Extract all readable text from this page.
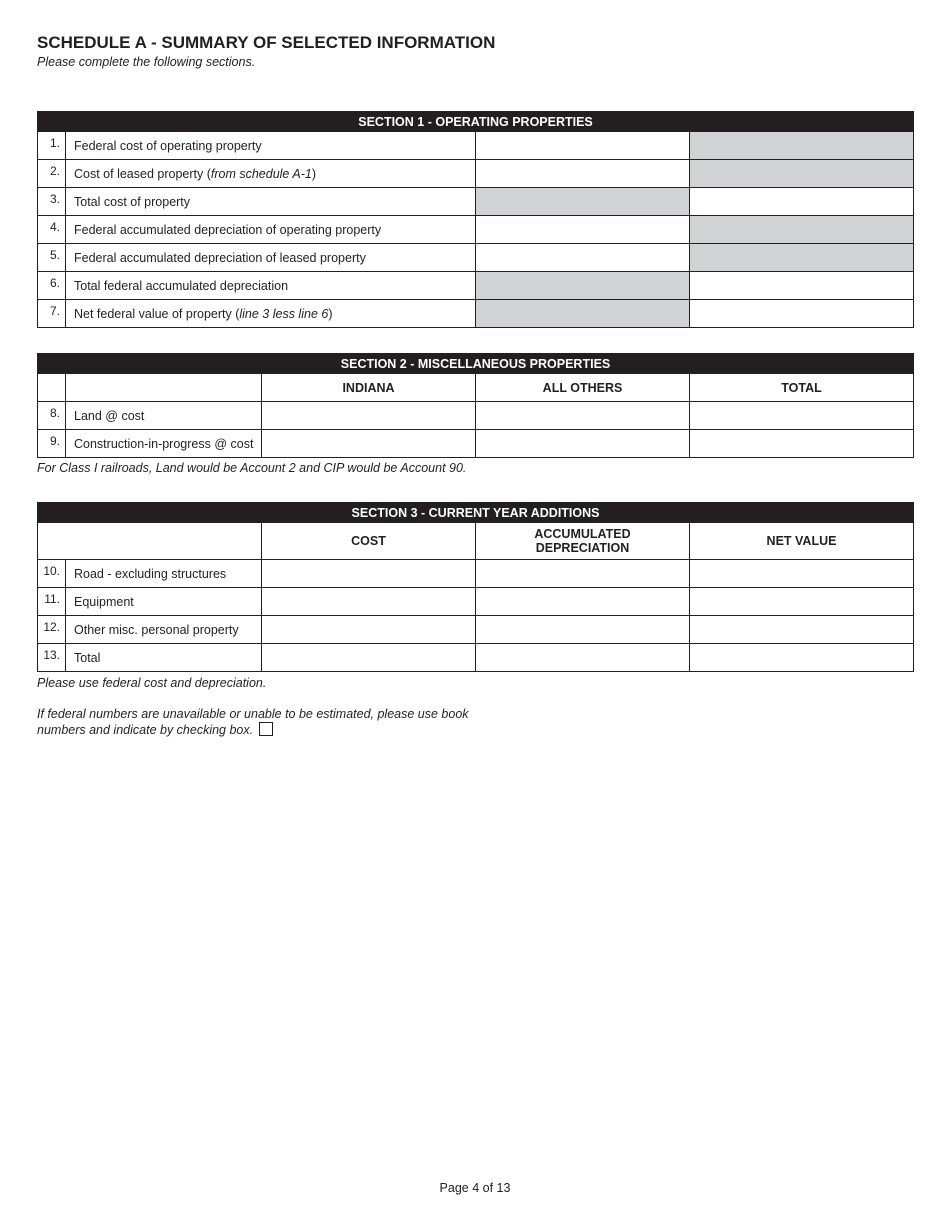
SCHEDULE A - SUMMARY OF SELECTED INFORMATION
Please complete the following sections.
SECTION 1 - OPERATING PROPERTIES			
1.	Federal cost of operating property		
2.	Cost of leased property (from schedule A-1)		
3.	Total cost of property		
4.	Federal accumulated depreciation of operating property		
5.	Federal accumulated depreciation of leased property		
6.	Total federal accumulated depreciation		
7.	Net federal value of property (line 3 less line 6)		
SECTION 2 - MISCELLANEOUS PROPERTIES				
		INDIANA	ALL OTHERS	TOTAL
8.	Land @ cost			
9.	Construction-in-progress @ cost			
For Class I railroads, Land would be Account 2 and CIP would be Account 90.
SECTION 3 - CURRENT YEAR ADDITIONS				
		COST	ACCUMULATED
DEPRECIATION	NET VALUE
10.	Road - excluding structures			
11.	Equipment			
12.	Other misc. personal property			
13.	Total			
Please use federal cost and depreciation.
If federal numbers are unavailable or unable to be estimated, please use book
numbers and indicate by checking box.
Page 4 of 13
